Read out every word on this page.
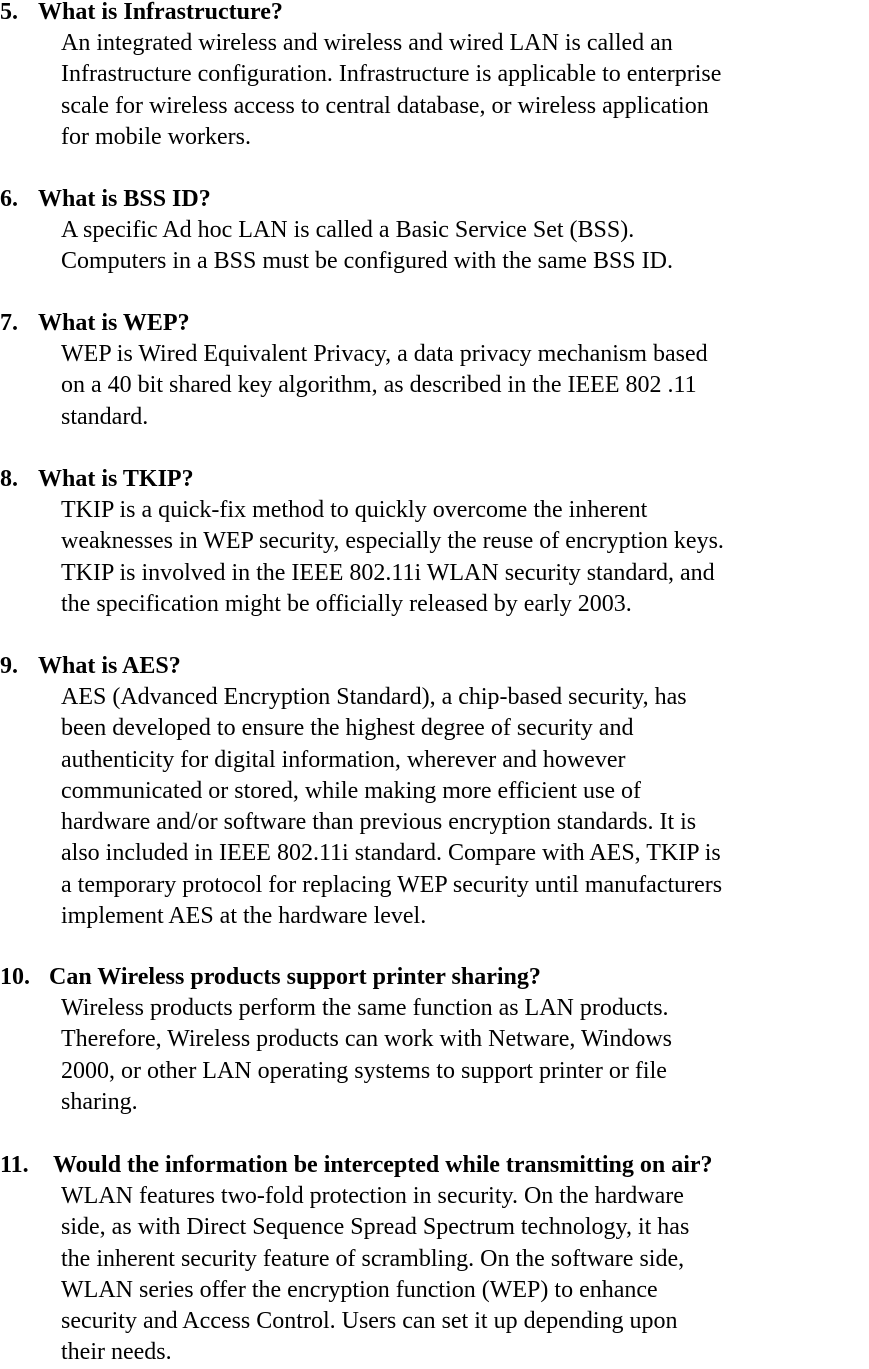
5. What is Infrastructure?
An integrated wireless and wireless and wired LAN is called an
Infrastructure configuration. Infrastructure is applicable to enterprise
scale for wireless access to central database, or wireless application
for mobile workers.
6. What is BSS ID?
A specific Ad hoc LAN is called a Basic Service Set (BSS).
Computers in a BSS must be configured with the same BSS ID.
7. What is WEP?
WEP is Wired Equivalent Privacy, a data privacy mechanism based
on a 40 bit shared key algorithm, as described in the IEEE 802 .11
standard.
8. What is TKIP?
TKIP is a quick-fix method to quickly overcome the inherent
weaknesses in WEP security, especially the reuse of encryption keys.
TKIP is involved in the IEEE 802.11i WLAN security standard, and
the specification might be officially released by early 2003.
9. What is AES?
AES (Advanced Encryption Standard), a chip-based security, has
been developed to ensure the highest degree of security and
authenticity for digital information, wherever and however
communicated or stored, while making more efficient use of
hardware and/or software than previous encryption standards. It is
also included in IEEE 802.11i standard. Compare with AES, TKIP is
a temporary protocol for replacing WEP security until manufacturers
implement AES at the hardware level.
10. Can Wireless products support printer sharing?
Wireless products perform the same function as LAN products.
Therefore, Wireless products can work with Netware, Windows
2000, or other LAN operating systems to support printer or file
sharing.
11. Would the information be intercepted while transmitting on air?
WLAN features two-fold protection in security. On the hardware
side, as with Direct Sequence Spread Spectrum technology, it has
the inherent security feature of scrambling. On the software side,
WLAN series offer the encryption function (WEP) to enhance
security and Access Control. Users can set it up depending upon
their needs.
